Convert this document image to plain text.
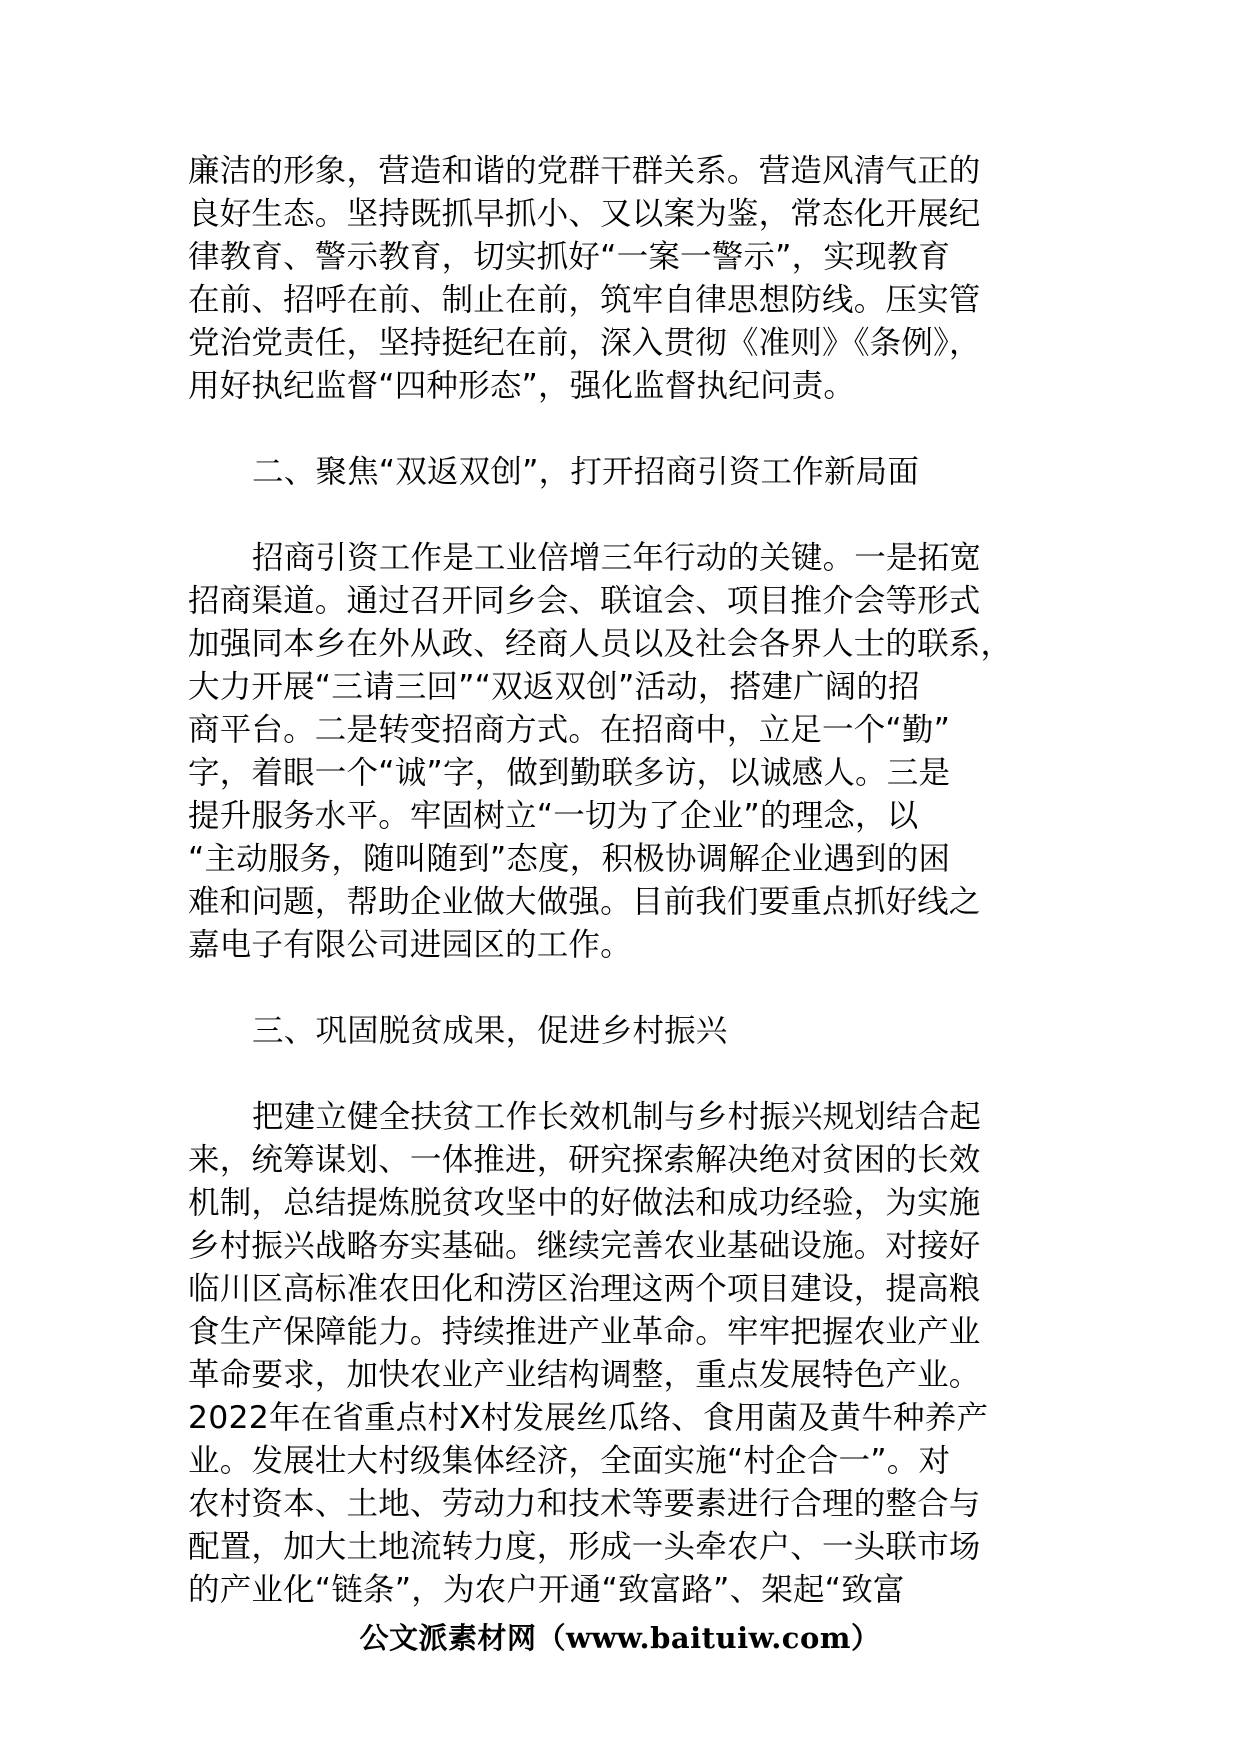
廉洁的形象，营造和谐的党群干群关系。营造风清气正的
良好生态。坚持既抓早抓小、又以案为鉴，常态化开展纪
律教育、警示教育，切实抓好“一案一警示”，实现教育
在前、招呼在前、制止在前，筑牢自律思想防线。压实管
党治党责任，坚持挺纪在前，深入贯彻《准则》《条例》，
用好执纪监督“四种形态”，强化监督执纪问责。
二、聚焦“双返双创”，打开招商引资工作新局面
招商引资工作是工业倍增三年行动的关键。一是拓宽
招商渠道。通过召开同乡会、联谊会、项目推介会等形式
加强同本乡在外从政、经商人员以及社会各界人士的联系，
大力开展“三请三回”“双返双创”活动，搭建广阔的招
商平台。二是转变招商方式。在招商中，立足一个“勤”
字，着眼一个“诚”字，做到勤联多访，以诚感人。三是
提升服务水平。牢固树立“一切为了企业”的理念，以
“主动服务，随叫随到”态度，积极协调解企业遇到的困
难和问题，帮助企业做大做强。目前我们要重点抓好线之
嘉电子有限公司进园区的工作。
三、巩固脱贫成果，促进乡村振兴
把建立健全扶贫工作长效机制与乡村振兴规划结合起
来，统筹谋划、一体推进，研究探索解决绝对贫困的长效
机制，总结提炼脱贫攻坚中的好做法和成功经验，为实施
乡村振兴战略夯实基础。继续完善农业基础设施。对接好
临川区高标准农田化和涝区治理这两个项目建设，提高粮
食生产保障能力。持续推进产业革命。牢牢把握农业产业
革命要求，加快农业产业结构调整，重点发展特色产业。
2022年在省重点村X村发展丝瓜络、食用菌及黄牛种养产
业。发展壮大村级集体经济，全面实施“村企合一”。对
农村资本、土地、劳动力和技术等要素进行合理的整合与
配置，加大土地流转力度，形成一头牵农户、一头联市场
的产业化“链条”，为农户开通“致富路”、架起“致富
公文派素材网（www.baituiw.com）
